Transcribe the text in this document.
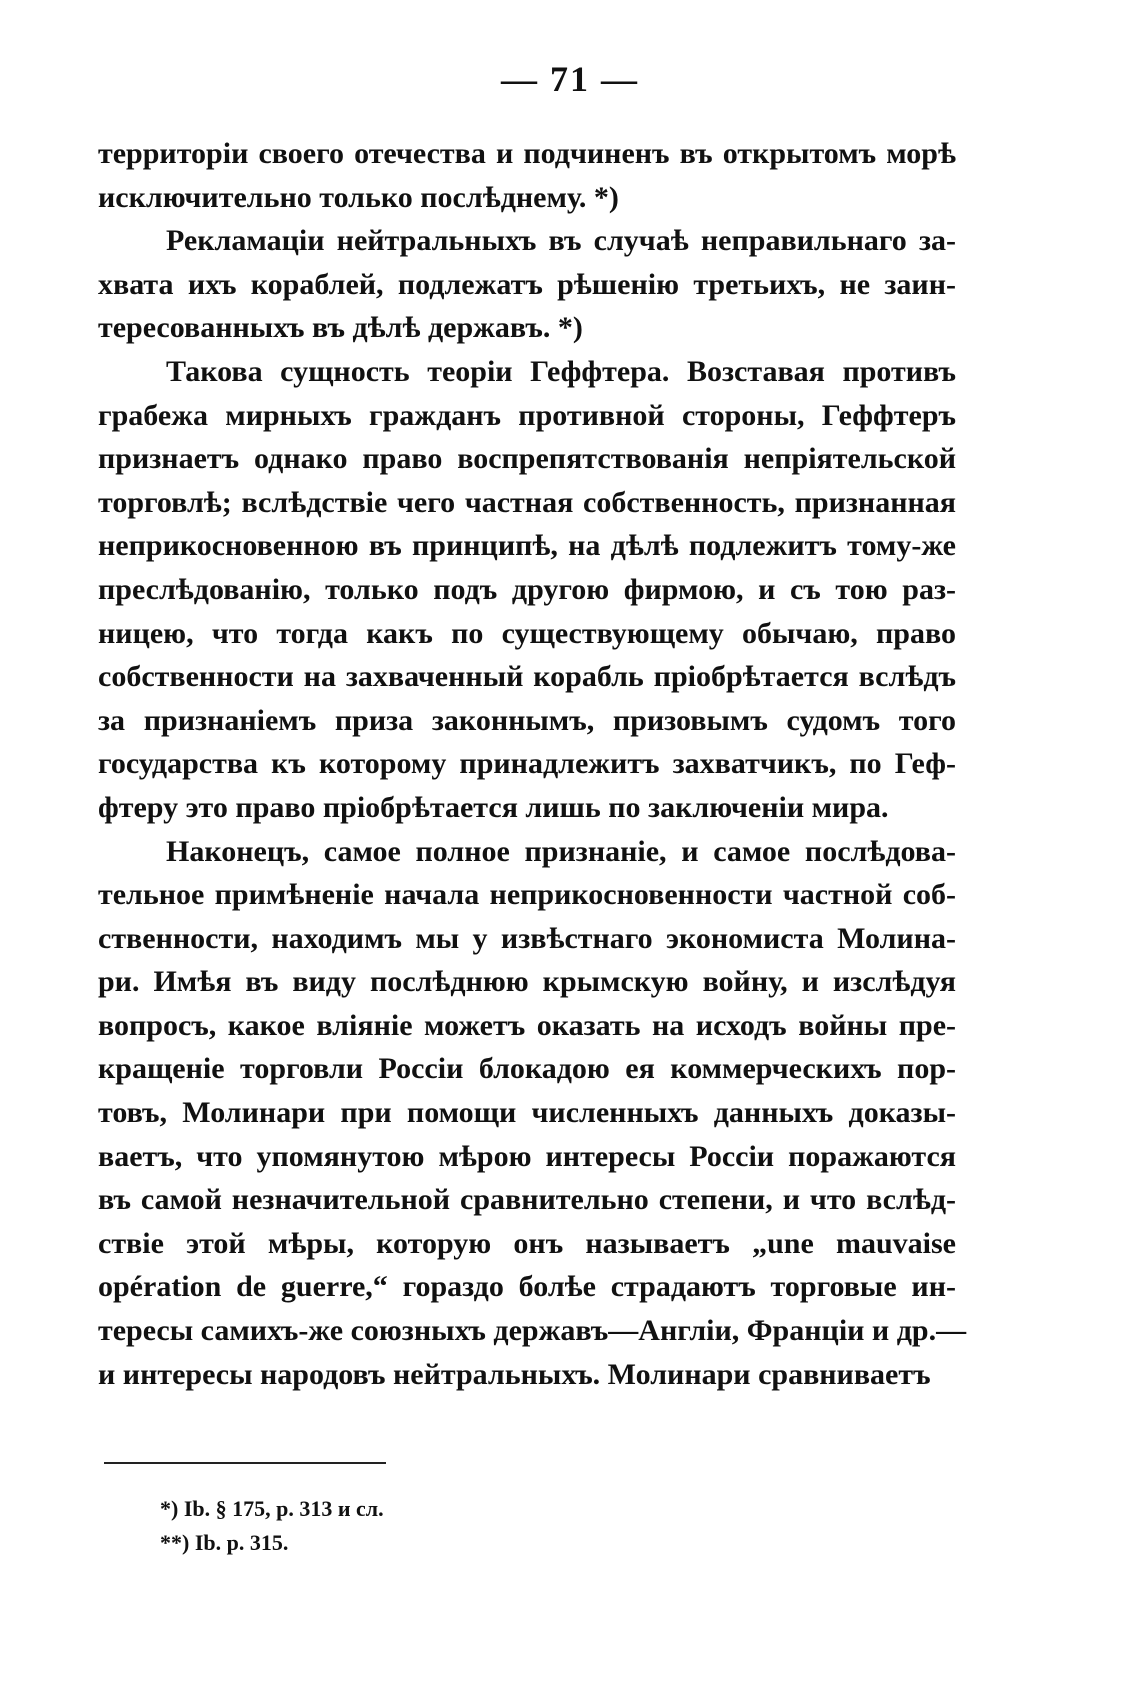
— 71 —
территорiи своего отечества и подчиненъ въ открытомъ морѣ
исключительно только послѣднему. *)
Рекламацiи нейтральныхъ въ случаѣ неправильнаго за-
хвата ихъ кораблей, подлежатъ рѣшенiю третьихъ, не заин-
тересованныхъ въ дѣлѣ державъ. *)
Такова сущность теорiи Геффтера. Возставая противъ
грабежа мирныхъ гражданъ противной стороны, Геффтеръ
признаетъ однако право воспрепятствованiя непрiятельской
торговлѣ; вслѣдствiе чего частная собственность, признанная
неприкосновенною въ принципѣ, на дѣлѣ подлежитъ тому-же
преслѣдованiю, только подъ другою фирмою, и съ тою раз-
ницею, что тогда какъ по существующему обычаю, право
собственности на захваченный корабль прiобрѣтается вслѣдъ
за признанiемъ приза законнымъ, призовымъ судомъ того
государства къ которому принадлежитъ захватчикъ, по Геф-
фтеру это право прiобрѣтается лишь по заключенiи мира.
Наконецъ, самое полное признанiе, и самое послѣдова-
тельное примѣненiе начала неприкосновенности частной соб-
ственности, находимъ мы у извѣстнаго экономиста Молина-
ри. Имѣя въ виду послѣднюю крымскую войну, и изслѣдуя
вопросъ, какое влiянiе можетъ оказать на исходъ войны пре-
кращенiе торговли Россiи блокадою ея коммерческихъ пор-
товъ, Молинари при помощи численныхъ данныхъ доказы-
ваетъ, что упомянутою мѣрою интересы Россiи поражаются
въ самой незначительной сравнительно степени, и что вслѣд-
ствiе этой мѣры, которую онъ называетъ „une mauvaise
opération de guerre,“ гораздо болѣе страдаютъ торговые ин-
тересы самихъ-же союзныхъ державъ—Англiи, Францiи и др.—
и интересы народовъ нейтральныхъ. Молинари сравниваетъ
*) Ib. § 175, p. 313 и сл.
**) Ib. p. 315.
